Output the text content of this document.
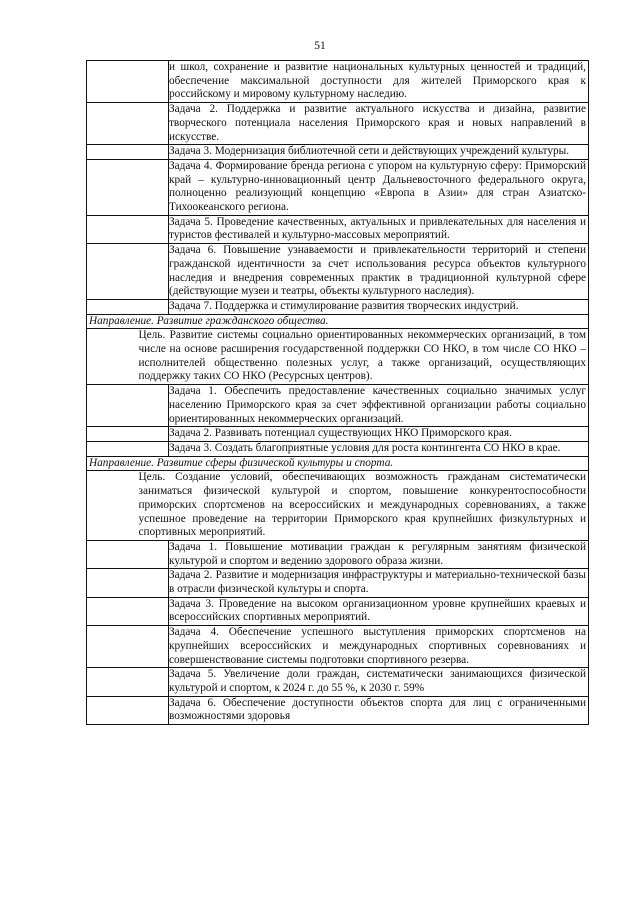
51
	и школ, сохранение и развитие национальных культурных ценностей и традиций, обеспечение максимальной доступности для жителей Приморского края к российскому и мировому культурному наследию.
	Задача 2. Поддержка и развитие актуального искусства и дизайна, развитие творческого потенциала населения Приморского края и новых направлений в искусстве.
	Задача 3. Модернизация библиотечной сети и действующих учреждений культуры.
	Задача 4. Формирование бренда региона с упором на культурную сферу: Приморский край – культурно-инновационный центр Дальневосточного федерального округа, полноценно реализующий концепцию «Европа в Азии» для стран Азиатско-Тихоокеанского региона.
	Задача 5. Проведение качественных, актуальных и привлекательных для населения и туристов фестивалей и культурно-массовых мероприятий.
	Задача 6. Повышение узнаваемости и привлекательности территорий и степени гражданской идентичности за счет использования ресурса объектов культурного наследия и внедрения современных практик в традиционной культурной сфере (действующие музеи и театры, объекты культурного наследия).
	Задача 7. Поддержка и стимулирование развития творческих индустрий.
Направление. Развитие гражданского общества.	

	Цель. Развитие системы социально ориентированных некоммерческих организаций, в том числе на основе расширения государственной поддержки СО НКО, в том числе СО НКО – исполнителей общественно полезных услуг, а также организаций, осуществляющих поддержку таких СО НКО (Ресурсных центров).

	Задача 1. Обеспечить предоставление качественных социально значимых услуг населению Приморского края за счет эффективной организации работы социально ориентированных некоммерческих организаций.
	Задача 2. Развивать потенциал существующих НКО Приморского края.
	Задача 3. Создать благоприятные условия для роста контингента СО НКО в крае.
Направление. Развитие сферы физической культуры и спорта.	

	Цель. Создание условий, обеспечивающих возможность гражданам систематически заниматься физической культурой и спортом, повышение конкурентоспособности приморских спортсменов на всероссийских и международных соревнованиях, а также успешное проведение на территории Приморского края крупнейших физкультурных и спортивных мероприятий.

	Задача 1. Повышение мотивации граждан к регулярным занятиям физической культурой и спортом и ведению здорового образа жизни.
	Задача 2. Развитие и модернизация инфраструктуры и материально-технической базы в отрасли физической культуры и спорта.
	Задача 3. Проведение на высоком организационном уровне крупнейших краевых и всероссийских спортивных мероприятий.
	Задача 4. Обеспечение успешного выступления приморских спортсменов на крупнейших всероссийских и международных спортивных соревнованиях и совершенствование системы подготовки спортивного резерва.
	Задача 5. Увеличение доли граждан, систематически занимающихся физической культурой и спортом, к 2024 г. до 55 %, к 2030 г. 59%
	Задача 6. Обеспечение доступности объектов спорта для лиц с ограниченными возможностями здоровья
